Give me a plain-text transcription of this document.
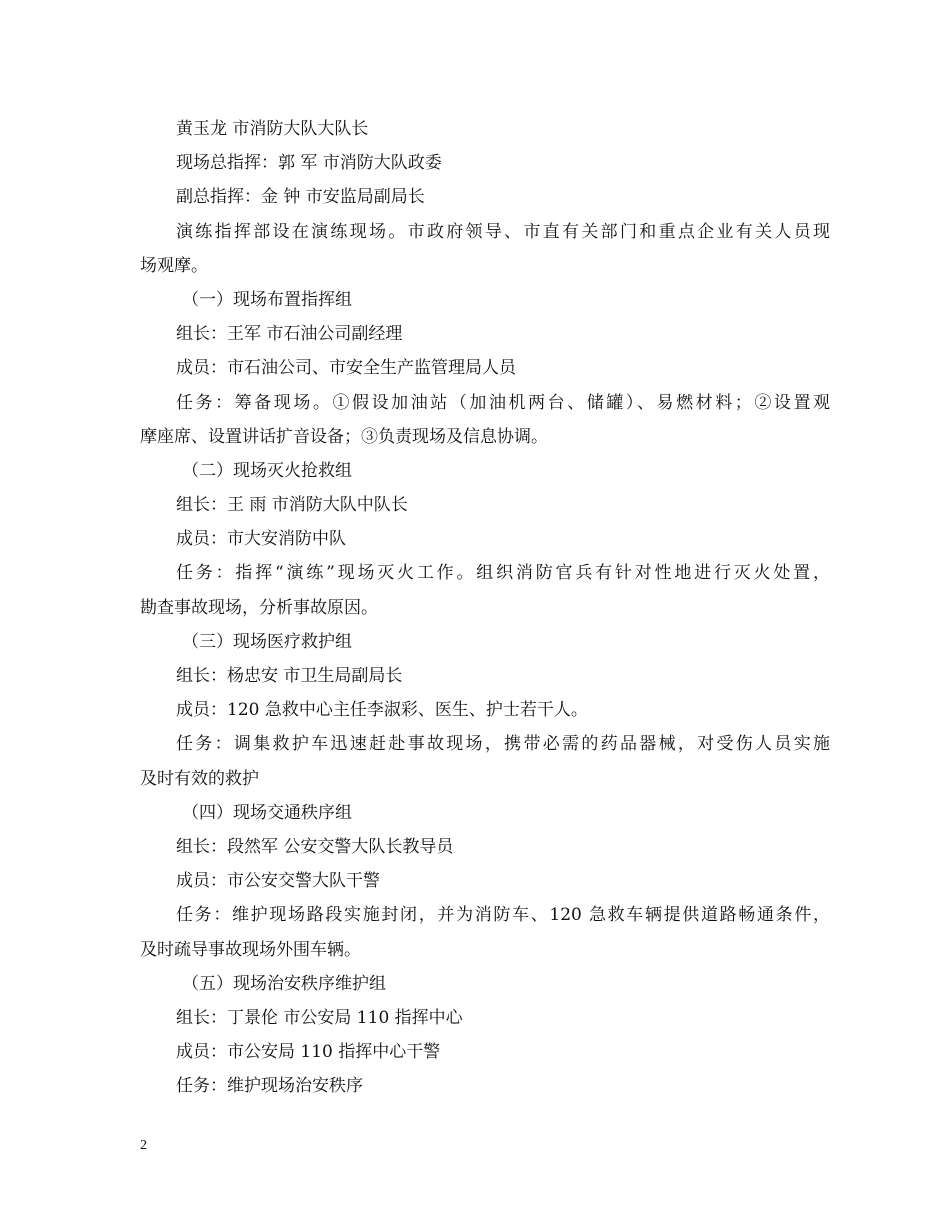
黄玉龙 市消防大队大队长
现场总指挥：郭 军 市消防大队政委
副总指挥：金 钟 市安监局副局长
演练指挥部设在演练现场。市政府领导、市直有关部门和重点企业有关人员现
场观摩。
（一）现场布置指挥组
组长：王军 市石油公司副经理
成员：市石油公司、市安全生产监管理局人员
任务：筹备现场。①假设加油站（加油机两台、储罐）、易燃材料；②设置观
摩座席、设置讲话扩音设备；③负责现场及信息协调。
（二）现场灭火抢救组
组长：王 雨 市消防大队中队长
成员：市大安消防中队
任务：指挥“演练”现场灭火工作。组织消防官兵有针对性地进行灭火处置，
勘查事故现场，分析事故原因。
（三）现场医疗救护组
组长：杨忠安 市卫生局副局长
成员：120 急救中心主任李淑彩、医生、护士若干人。
任务：调集救护车迅速赶赴事故现场，携带必需的药品器械，对受伤人员实施
及时有效的救护
（四）现场交通秩序组
组长：段然军 公安交警大队长教导员
成员：市公安交警大队干警
任务：维护现场路段实施封闭，并为消防车、120 急救车辆提供道路畅通条件，
及时疏导事故现场外围车辆。
（五）现场治安秩序维护组
组长：丁景伦 市公安局 110 指挥中心
成员：市公安局 110 指挥中心干警
任务：维护现场治安秩序
2
